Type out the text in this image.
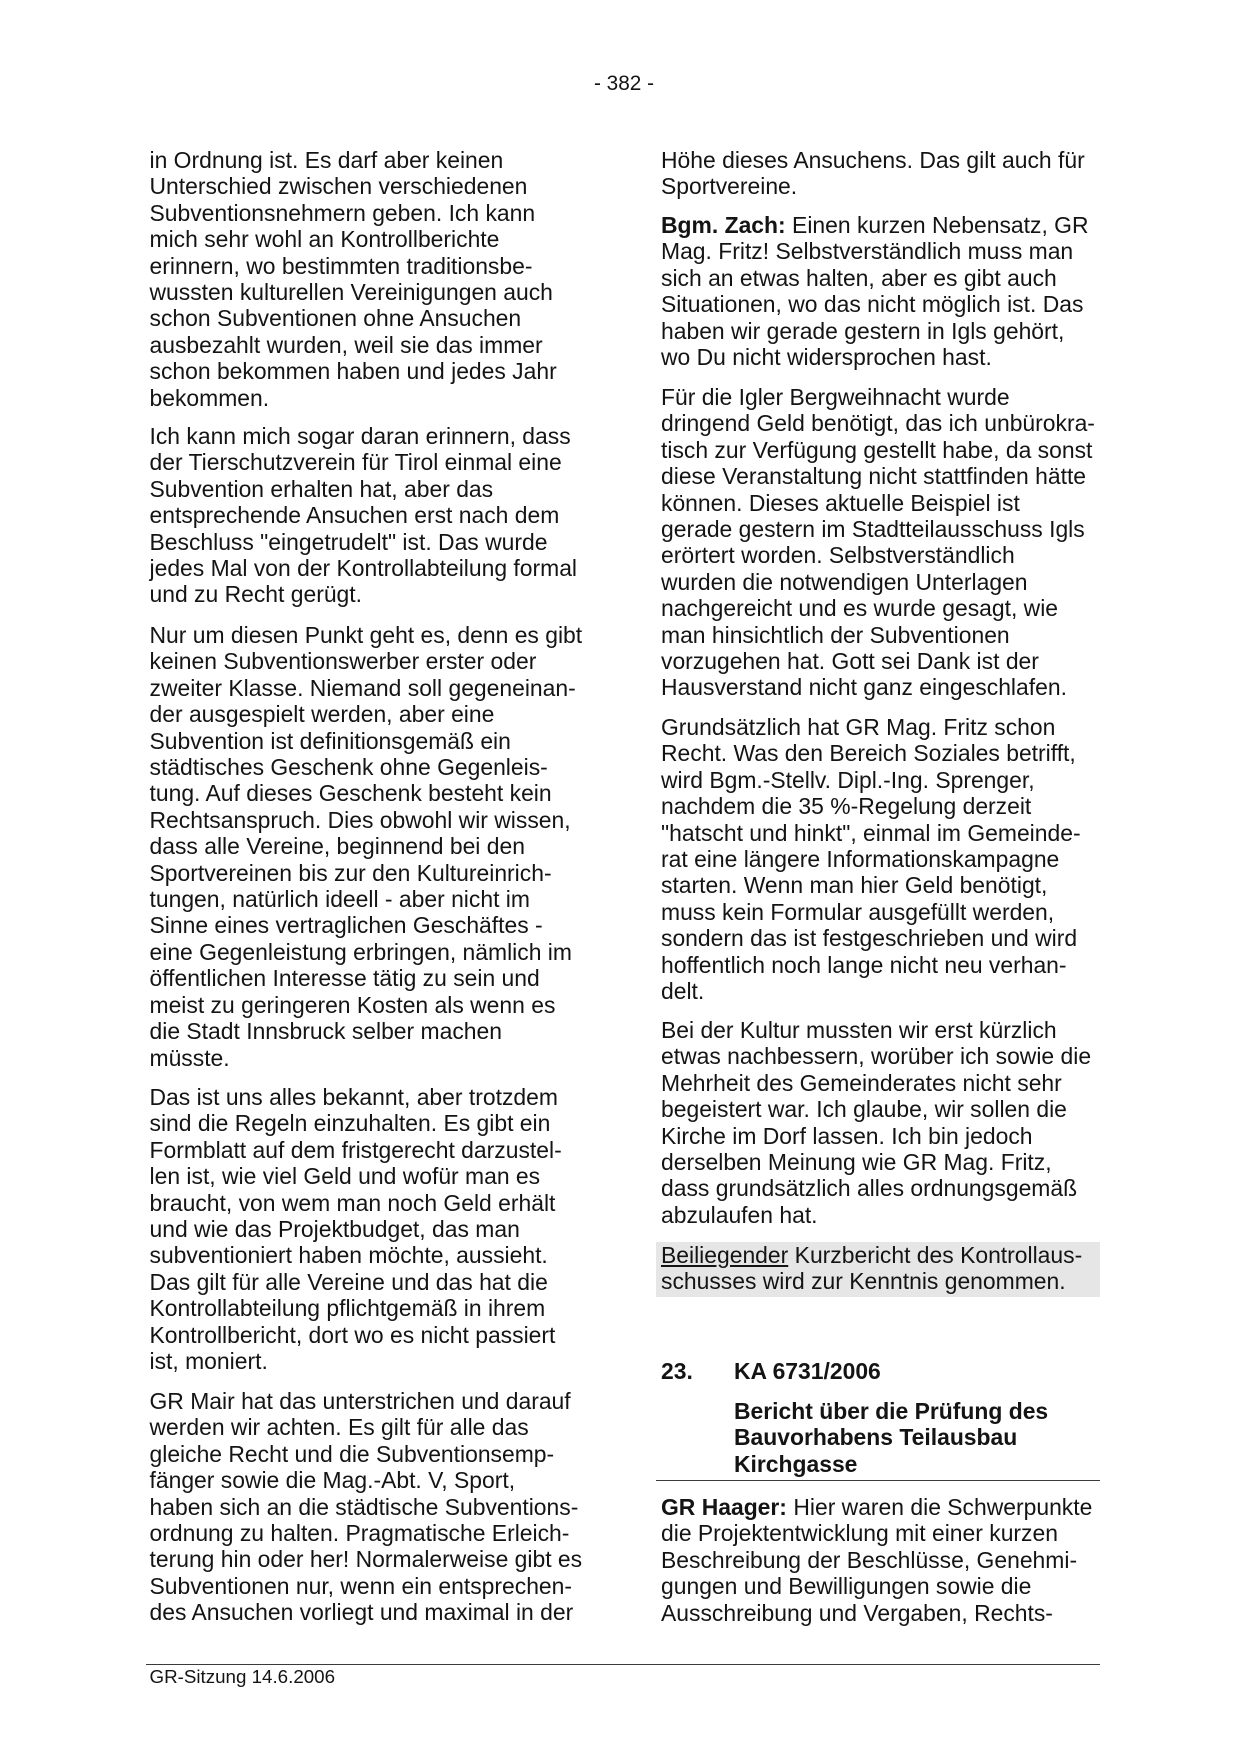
- 382 -

in Ordnung ist. Es darf aber keinen
Unterschied zwischen verschiedenen
Subventionsnehmern geben. Ich kann
mich sehr wohl an Kontrollberichte
erinnern, wo bestimmten traditionsbe-
wussten kulturellen Vereinigungen auch
schon Subventionen ohne Ansuchen
ausbezahlt wurden, weil sie das immer
schon bekommen haben und jedes Jahr
bekommen.

Ich kann mich sogar daran erinnern, dass
der Tierschutzverein für Tirol einmal eine
Subvention erhalten hat, aber das
entsprechende Ansuchen erst nach dem
Beschluss "eingetrudelt" ist. Das wurde
jedes Mal von der Kontrollabteilung formal
und zu Recht gerügt.

Nur um diesen Punkt geht es, denn es gibt
keinen Subventionswerber erster oder
zweiter Klasse. Niemand soll gegeneinan-
der ausgespielt werden, aber eine
Subvention ist definitionsgemäß ein
städtisches Geschenk ohne Gegenleis-
tung. Auf dieses Geschenk besteht kein
Rechtsanspruch. Dies obwohl wir wissen,
dass alle Vereine, beginnend bei den
Sportvereinen bis zur den Kultureinrich-
tungen, natürlich ideell - aber nicht im
Sinne eines vertraglichen Geschäftes -
eine Gegenleistung erbringen, nämlich im
öffentlichen Interesse tätig zu sein und
meist zu geringeren Kosten als wenn es
die Stadt Innsbruck selber machen
müsste.

Das ist uns alles bekannt, aber trotzdem
sind die Regeln einzuhalten. Es gibt ein
Formblatt auf dem fristgerecht darzustel-
len ist, wie viel Geld und wofür man es
braucht, von wem man noch Geld erhält
und wie das Projektbudget, das man
subventioniert haben möchte, aussieht.
Das gilt für alle Vereine und das hat die
Kontrollabteilung pflichtgemäß in ihrem
Kontrollbericht, dort wo es nicht passiert
ist, moniert.

GR Mair hat das unterstrichen und darauf
werden wir achten. Es gilt für alle das
gleiche Recht und die Subventionsemp-
fänger sowie die Mag.-Abt. V, Sport,
haben sich an die städtische Subventions-
ordnung zu halten. Pragmatische Erleich-
terung hin oder her! Normalerweise gibt es
Subventionen nur, wenn ein entsprechen-
des Ansuchen vorliegt und maximal in der

Höhe dieses Ansuchens. Das gilt auch für
Sportvereine.

Bgm. Zach: Einen kurzen Nebensatz, GR
Mag. Fritz! Selbstverständlich muss man
sich an etwas halten, aber es gibt auch
Situationen, wo das nicht möglich ist. Das
haben wir gerade gestern in Igls gehört,
wo Du nicht widersprochen hast.

Für die Igler Bergweihnacht wurde
dringend Geld benötigt, das ich unbürokra-
tisch zur Verfügung gestellt habe, da sonst
diese Veranstaltung nicht stattfinden hätte
können. Dieses aktuelle Beispiel ist
gerade gestern im Stadtteilausschuss Igls
erörtert worden. Selbstverständlich
wurden die notwendigen Unterlagen
nachgereicht und es wurde gesagt, wie
man hinsichtlich der Subventionen
vorzugehen hat. Gott sei Dank ist der
Hausverstand nicht ganz eingeschlafen.

Grundsätzlich hat GR Mag. Fritz schon
Recht. Was den Bereich Soziales betrifft,
wird Bgm.-Stellv. Dipl.-Ing. Sprenger,
nachdem die 35 %-Regelung derzeit
"hatscht und hinkt", einmal im Gemeinde-
rat eine längere Informationskampagne
starten. Wenn man hier Geld benötigt,
muss kein Formular ausgefüllt werden,
sondern das ist festgeschrieben und wird
hoffentlich noch lange nicht neu verhan-
delt.

Bei der Kultur mussten wir erst kürzlich
etwas nachbessern, worüber ich sowie die
Mehrheit des Gemeinderates nicht sehr
begeistert war. Ich glaube, wir sollen die
Kirche im Dorf lassen. Ich bin jedoch
derselben Meinung wie GR Mag. Fritz,
dass grundsätzlich alles ordnungsgemäß
abzulaufen hat.

Beiliegender Kurzbericht des Kontrollaus-
schusses wird zur Kenntnis genommen.

23. KA 6731/2006

Bericht über die Prüfung des
Bauvorhabens Teilausbau
Kirchgasse

GR Haager: Hier waren die Schwerpunkte
die Projektentwicklung mit einer kurzen
Beschreibung der Beschlüsse, Genehmi-
gungen und Bewilligungen sowie die
Ausschreibung und Vergaben, Rechts-

GR-Sitzung 14.6.2006
